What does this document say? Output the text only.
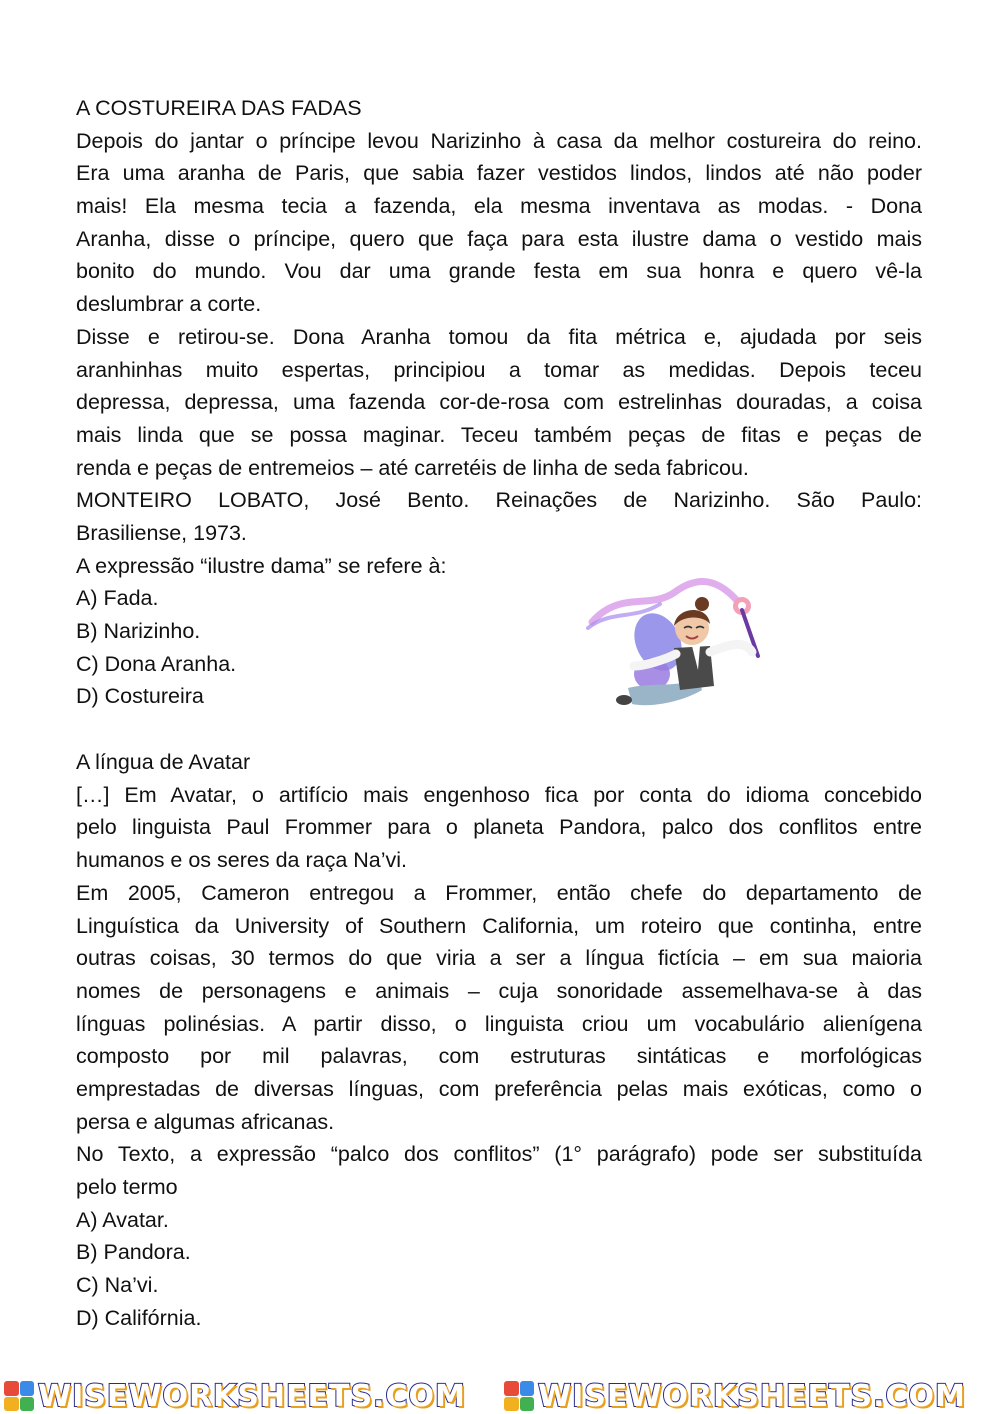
A COSTUREIRA DAS FADAS
Depois do jantar o príncipe levou Narizinho à casa da melhor costureira do reino.
Era uma aranha de Paris, que sabia fazer vestidos lindos, lindos até não poder
mais! Ela mesma tecia a fazenda, ela mesma inventava as modas. - Dona
Aranha, disse o príncipe, quero que faça para esta ilustre dama o vestido mais
bonito do mundo. Vou dar uma grande festa em sua honra e quero vê-la
deslumbrar a corte.
Disse e retirou-se. Dona Aranha tomou da fita métrica e, ajudada por seis
aranhinhas muito espertas, principiou a tomar as medidas. Depois teceu
depressa, depressa, uma fazenda cor-de-rosa com estrelinhas douradas, a coisa
mais linda que se possa maginar. Teceu também peças de fitas e peças de
renda e peças de entremeios – até carretéis de linha de seda fabricou.
MONTEIRO LOBATO, José Bento. Reinações de Narizinho. São Paulo:
Brasiliense, 1973.
A expressão “ilustre dama” se refere à:
A) Fada.
B) Narizinho.
C) Dona Aranha.
D) Costureira
A língua de Avatar
[…] Em Avatar, o artifício mais engenhoso fica por conta do idioma concebido
pelo linguista Paul Frommer para o planeta Pandora, palco dos conflitos entre
humanos e os seres da raça Na’vi.
Em 2005, Cameron entregou a Frommer, então chefe do departamento de
Linguística da University of Southern California, um roteiro que continha, entre
outras coisas, 30 termos do que viria a ser a língua fictícia – em sua maioria
nomes de personagens e animais – cuja sonoridade assemelhava-se à das
línguas polinésias. A partir disso, o linguista criou um vocabulário alienígena
composto por mil palavras, com estruturas sintáticas e morfológicas
emprestadas de diversas línguas, com preferência pelas mais exóticas, como o
persa e algumas africanas.
No Texto, a expressão “palco dos conflitos” (1° parágrafo) pode ser substituída
pelo termo
A) Avatar.
B) Pandora.
C) Na’vi.
D) Califórnia.
WISEWORKSHEETS.COM WISEWORKSHEETS.COM
